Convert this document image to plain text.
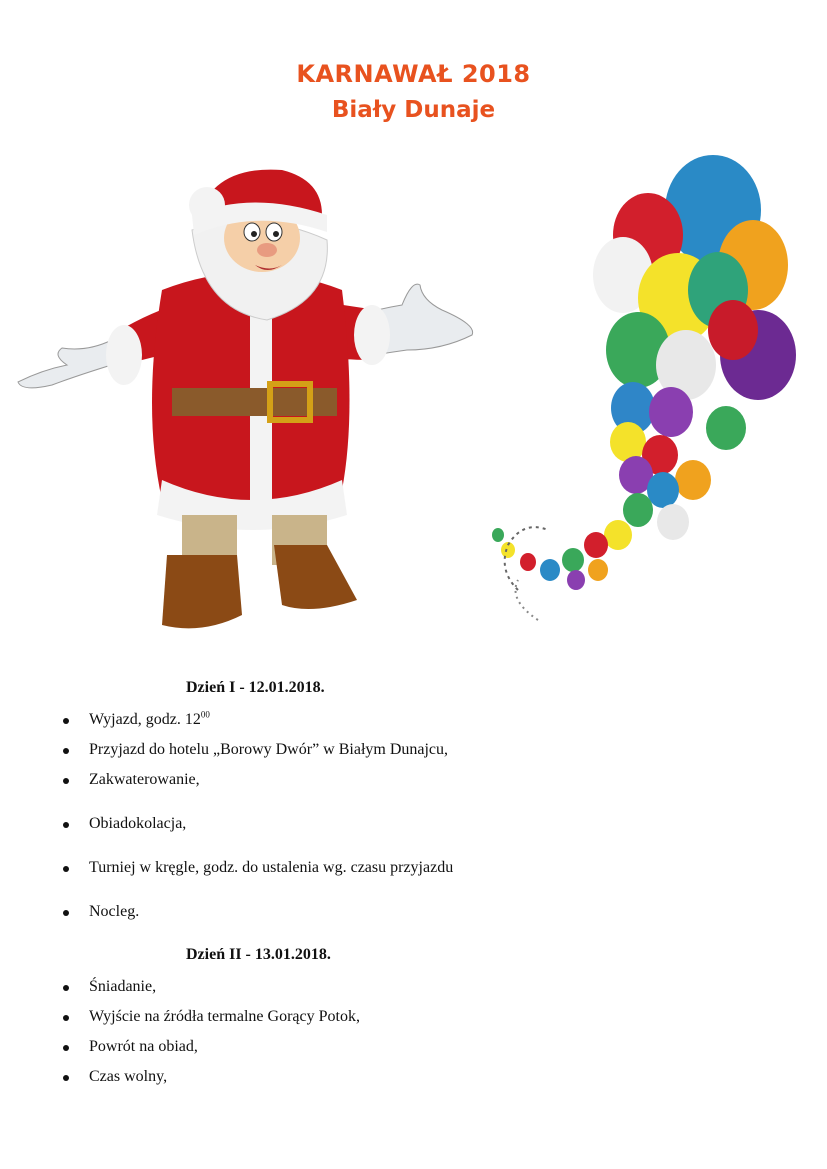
KARNAWAŁ 2018
Biały Dunaje
Dzień I - 12.01.2018.
Wyjazd, godz. $12^{00}$
Przyjazd do hotelu „Borowy Dwór” w Białym Dunajcu,
Zakwaterowanie,
Obiadokolacja,
Turniej w kręgle, godz. do ustalenia wg. czasu przyjazdu
Nocleg.
Dzień II - 13.01.2018.
Śniadanie,
Wyjście na źródła termalne Gorący Potok,
Powrót na obiad,
Czas wolny,
